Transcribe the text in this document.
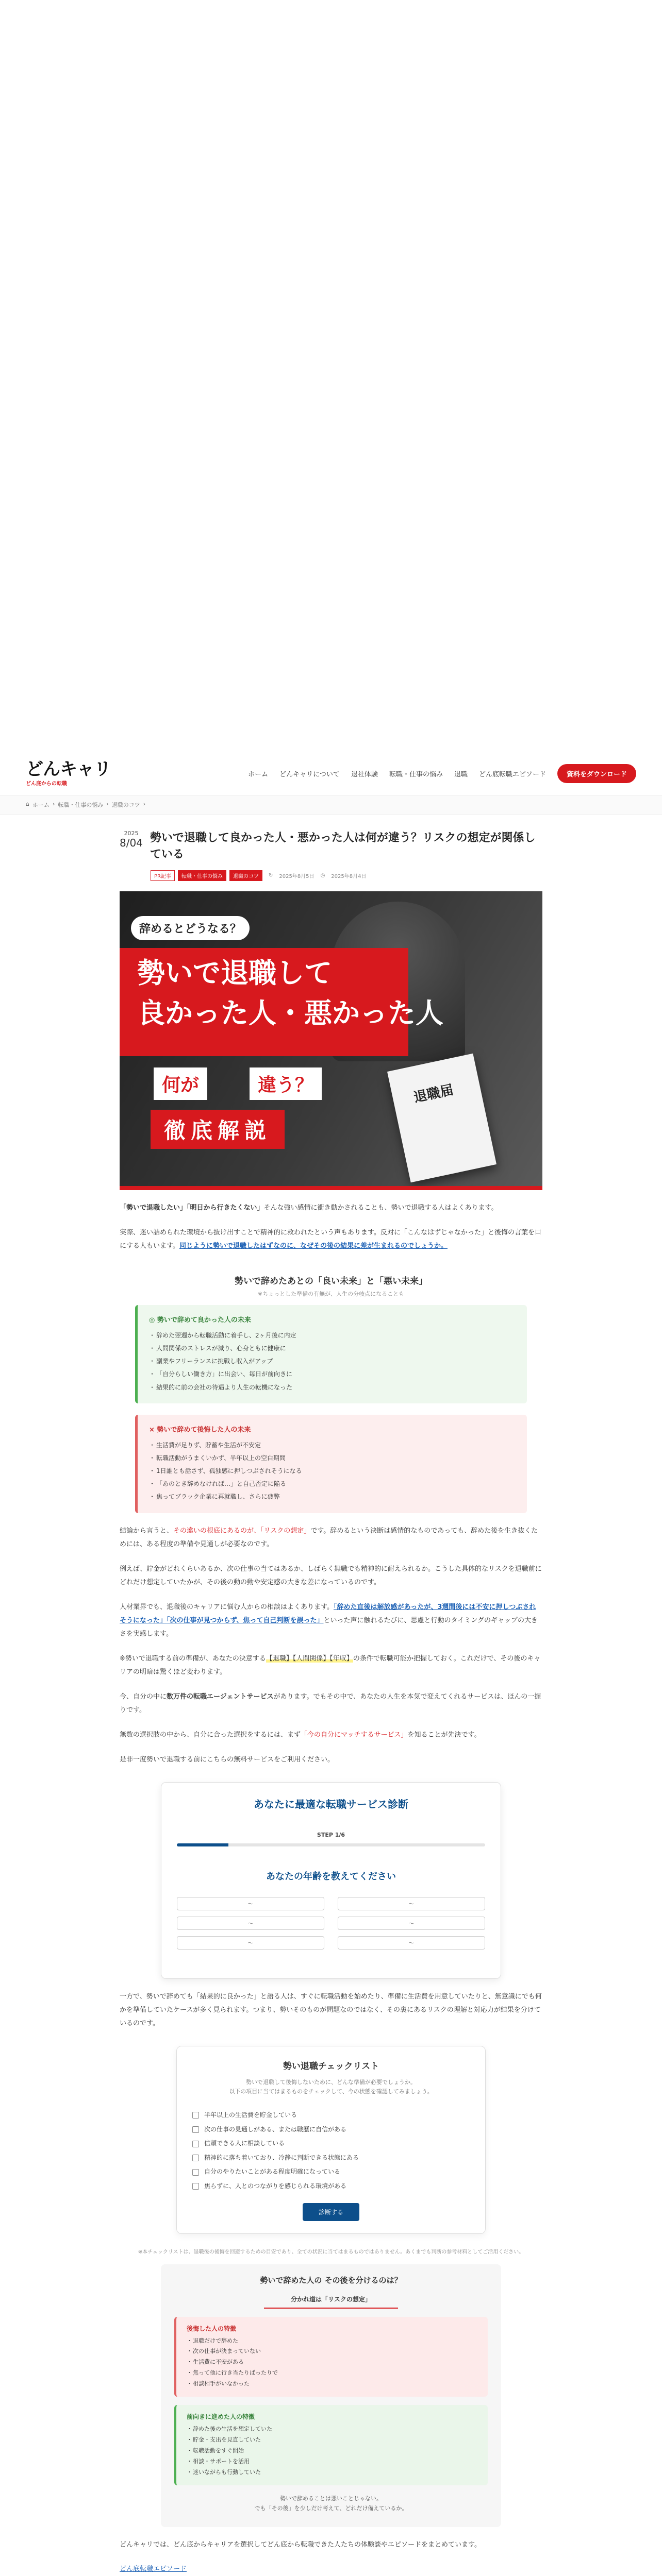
どんキャリ
どん底からの転職
ホーム どんキャリについて 退社体験 転職・仕事の悩み 退職 どん底転職エピソード	資料をダウンロード
⌂ ホーム › 転職・仕事の悩み › 退職のコツ ›
2025
8/04 勢いで退職して良かった人・悪かった人は何が違う？リスクの想定が関係している
PR記事	転職・仕事の悩み	退職のコツ	↻ 2025年8月5日 ◷ 2025年8月4日
辞めるとどうなる？
勢いで退職して
良かった人・悪かった人
何が	違う？
徹底解説
退職届

「勢いで退職したい」「明日から行きたくない」そんな強い感情に衝き動かされることも、勢いで退職する人はよくあります。

実際、迷い詰められた環境から抜け出すことで精神的に救われたという声もあります。反対に「こんなはずじゃなかった」と後悔の言葉を口にする人もいます。同じように勢いで退職したはずなのに、なぜその後の結果に差が生まれるのでしょうか。

勢いで辞めたあとの「良い未来」と「悪い未来」
※ちょっとした準備の有無が、人生の分岐点になることも
◎ 勢いで辞めて良かった人の未来
・ 辞めた翌週から転職活動に着手し、2ヶ月後に内定
・ 人間関係のストレスが減り、心身ともに健康に
・ 副業やフリーランスに挑戦し収入がアップ
・ 「自分らしい働き方」に出会い、毎日が前向きに
・ 結果的に前の会社の待遇より人生の転機になった
× 勢いで辞めて後悔した人の未来
・ 生活費が足りず、貯蓄や生活が不安定
・ 転職活動がうまくいかず、半年以上の空白期間
・ 1日誰とも話さず、孤独感に押しつぶされそうになる
・ 「あのとき辞めなければ…」と自己否定に陥る
・ 焦ってブラック企業に再就職し、さらに疲弊

結論から言うと、その違いの根底にあるのが、「リスクの想定」です。辞めるという決断は感情的なものであっても、辞めた後を生き抜くためには、ある程度の準備や見通しが必要なのです。

例えば、貯金がどれくらいあるか、次の仕事の当てはあるか、しばらく無職でも精神的に耐えられるか。こうした具体的なリスクを退職前にどれだけ想定していたかが、その後の動の動や安定感の大きな差になっているのです。

人材業界でも、退職後のキャリアに悩む人からの相談はよくあります。「辞めた直後は解放感があったが、3週間後には不安に押しつぶされそうになった」「次の仕事が見つからず、焦って自己判断を誤った」といった声に触れるたびに、思慮と行動のタイミングのギャップの大きさを実感します。

※勢いで退職する前の準備が、あなたの決意する【退職】【人間関係】【年収】の条件で転職可能か把握しておく。これだけで、その後のキャリアの明暗は驚くほど変わります。

今、自分の中に数万件の転職エージェントサービスがあります。でもその中で、あなたの人生を本気で変えてくれるサービスは、ほんの一握りです。

無数の選択肢の中から、自分に合った選択をするには、まず「今の自分にマッチするサービス」を知ることが先決です。

是非一度勢いで退職する前にこちらの無料サービスをご利用ください。

あなたに最適な転職サービス診断
STEP 1/6
あなたの年齢を教えてください
〜	〜
〜	〜
〜	〜

一方で、勢いで辞めても「結果的に良かった」と語る人は、すぐに転職活動を始めたり、準備に生活費を用意していたりと、無意識にでも何かを準備していたケースが多く見られます。つまり、勢いそのものが問題なのではなく、その裏にあるリスクの理解と対応力が結果を分けているのです。

勢い退職チェックリスト
勢いで退職して後悔しないために、どんな準備が必要でしょうか。
以下の項目に当てはまるものをチェックして、今の状態を確認してみましょう。
半年以上の生活費を貯金している
次の仕事の見通しがある、または職歴に自信がある
信頼できる人に相談している
精神的に落ち着いており、冷静に判断できる状態にある
自分のやりたいことがある程度明確になっている
焦らずに、人とのつながりを感じられる環境がある
診断する
※本チェックリストは、退職後の後悔を回避するための目安であり、全ての状況に当てはまるものではありません。あくまでも判断の参考材料としてご活用ください。
勢いで辞めた人の その後を分けるのは？
分かれ道は「リスクの想定」
後悔した人の特徴
・ 退職だけで辞めた
・ 次の仕事が決まっていない
・ 生活費に不安がある
・ 焦って他に行き当たりばったりで
・ 相談相手がいなかった
前向きに進めた人の特徴
・ 辞めた後の生活を想定していた
・ 貯金・支出を見直していた
・ 転職活動をすぐ開始
・ 相談・サポートを活用
・ 迷いながらも行動していた
勢いで辞めることは悪いことじゃない。
でも「その後」を少しだけ考えて、どれだけ備えているか。

どんキャリでは、どん底からキャリアを選択してどん底から転職できた人たちの体験談やエピソードをまとめています。

どん底転職エピソード
